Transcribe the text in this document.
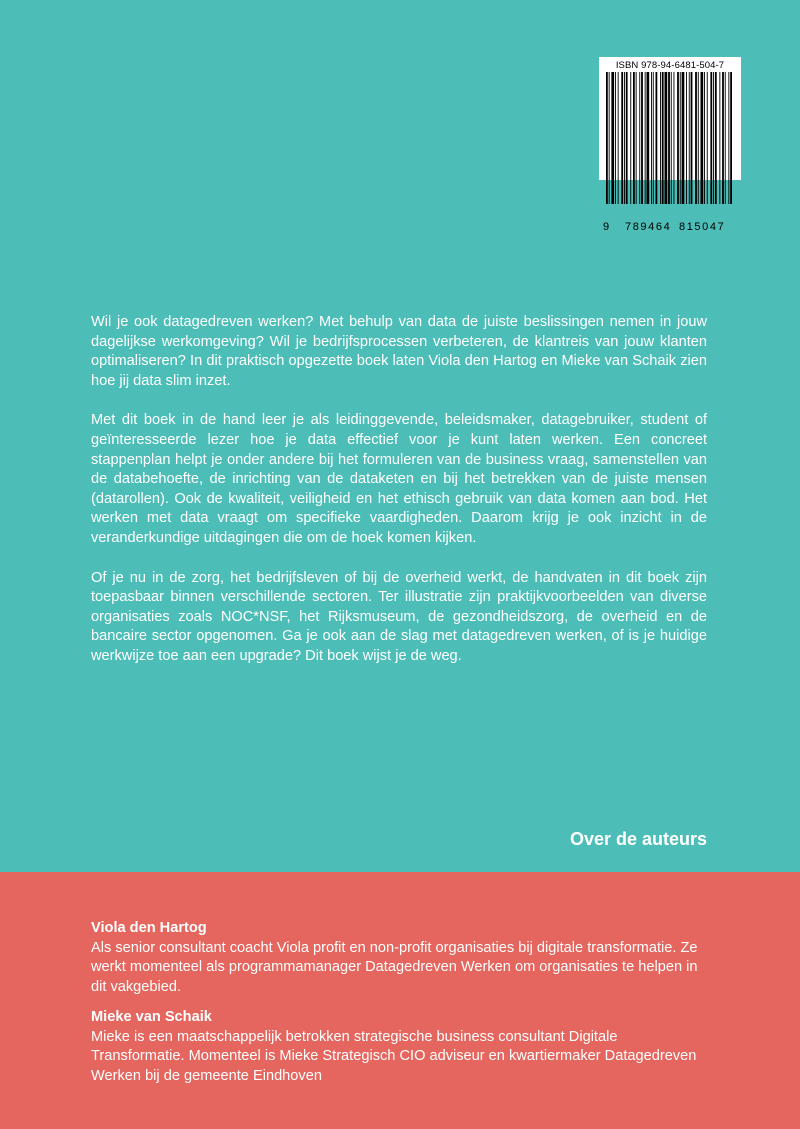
ISBN 978-94-6481-504-7
9 789464 815047

Wil je ook datagedreven werken? Met behulp van data de juiste beslissingen nemen in jouw dagelijkse werkomgeving? Wil je bedrijfsprocessen verbeteren, de klantreis van jouw klanten optimaliseren? In dit praktisch opgezette boek laten Viola den Hartog en Mieke van Schaik zien hoe jij data slim inzet.

Met dit boek in de hand leer je als leidinggevende, beleidsmaker, datagebruiker, student of geïnteresseerde lezer hoe je data effectief voor je kunt laten werken. Een concreet stappenplan helpt je onder andere bij het formuleren van de business vraag, samenstellen van de databehoefte, de inrichting van de dataketen en bij het betrekken van de juiste mensen (datarollen). Ook de kwaliteit, veiligheid en het ethisch gebruik van data komen aan bod. Het werken met data vraagt om specifieke vaardigheden. Daarom krijg je ook inzicht in de veranderkundige uitdagingen die om de hoek komen kijken.

Of je nu in de zorg, het bedrijfsleven of bij de overheid werkt, de handvaten in dit boek zijn toepasbaar binnen verschillende sectoren. Ter illustratie zijn praktijkvoorbeelden van diverse organisaties zoals NOC*NSF, het Rijksmuseum, de gezondheidszorg, de overheid en de bancaire sector opgenomen. Ga je ook aan de slag met datagedreven werken, of is je huidige werkwijze toe aan een upgrade? Dit boek wijst je de weg.

Over de auteurs
Viola den Hartog
Als senior consultant coacht Viola profit en non-profit organisaties bij digitale transformatie. Ze werkt momenteel als programmamanager Datagedreven Werken om organisaties te helpen in dit vakgebied.
Mieke van Schaik
Mieke is een maatschappelijk betrokken strategische business consultant Digitale Transformatie. Momenteel is Mieke Strategisch CIO adviseur en kwartiermaker Datagedreven Werken bij de gemeente Eindhoven
